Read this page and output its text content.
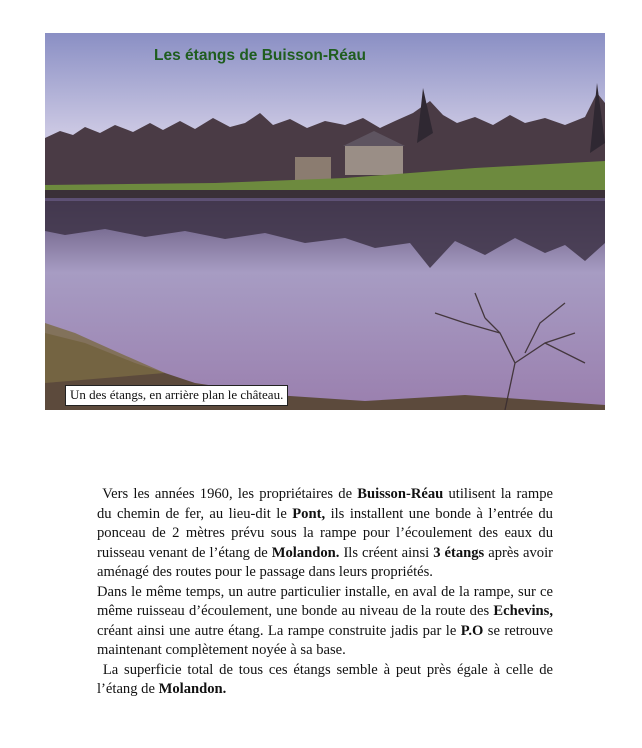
Les étangs de Buisson-Réau
Un des étangs, en arrière plan le château.

Vers les années 1960, les propriétaires de Buisson-Réau utilisent la rampe du chemin de fer, au lieu-dit le Pont, ils installent une bonde à l’entrée du ponceau de 2 mètres prévu sous la rampe pour l’écoulement des eaux du ruisseau venant de l’étang de Molandon. Ils créent ainsi 3 étangs après avoir aménagé des routes pour le passage dans leurs propriétés.

Dans le même temps, un autre particulier installe, en aval de la rampe, sur ce même ruisseau d’écoulement, une bonde au niveau de la route des Echevins, créant ainsi une autre étang. La rampe construite jadis par le P.O se retrouve maintenant complètement noyée à sa base.

La superficie total de tous ces étangs semble à peut près égale à celle de l’étang de Molandon.
